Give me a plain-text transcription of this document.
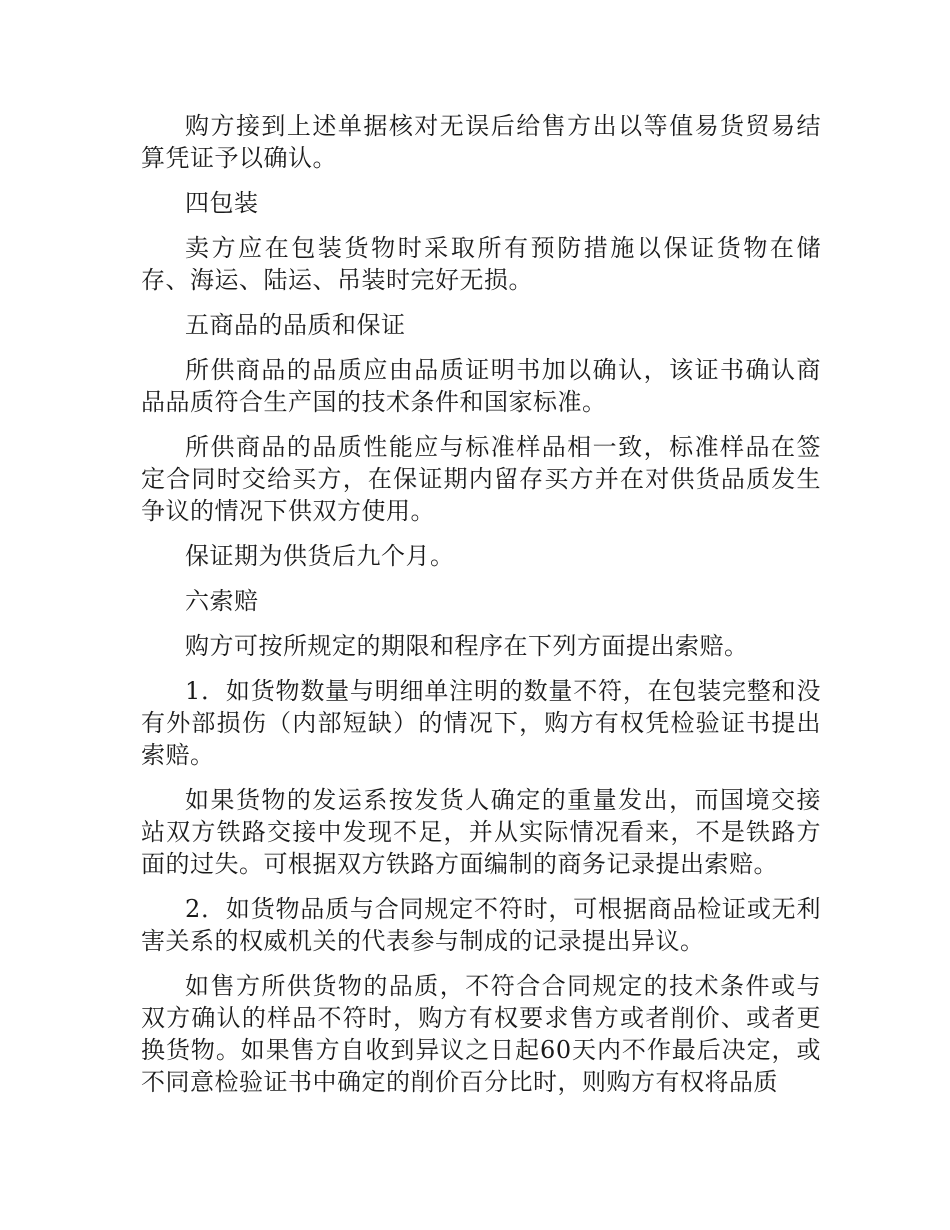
购方接到上述单据核对无误后给售方出以等值易货贸易结算凭证予以确认。

四包装

卖方应在包装货物时采取所有预防措施以保证货物在储存、海运、陆运、吊装时完好无损。

五商品的品质和保证

所供商品的品质应由品质证明书加以确认，该证书确认商品品质符合生产国的技术条件和国家标准。

所供商品的品质性能应与标准样品相一致，标准样品在签定合同时交给买方，在保证期内留存买方并在对供货品质发生争议的情况下供双方使用。

保证期为供货后九个月。

六索赔

购方可按所规定的期限和程序在下列方面提出索赔。

1．如货物数量与明细单注明的数量不符，在包装完整和没有外部损伤（内部短缺）的情况下，购方有权凭检验证书提出索赔。

如果货物的发运系按发货人确定的重量发出，而国境交接站双方铁路交接中发现不足，并从实际情况看来，不是铁路方面的过失。可根据双方铁路方面编制的商务记录提出索赔。

2．如货物品质与合同规定不符时，可根据商品检证或无利害关系的权威机关的代表参与制成的记录提出异议。

如售方所供货物的品质，不符合合同规定的技术条件或与双方确认的样品不符时，购方有权要求售方或者削价、或者更换货物。如果售方自收到异议之日起60天内不作最后决定，或不同意检验证书中确定的削价百分比时，则购方有权将品质
